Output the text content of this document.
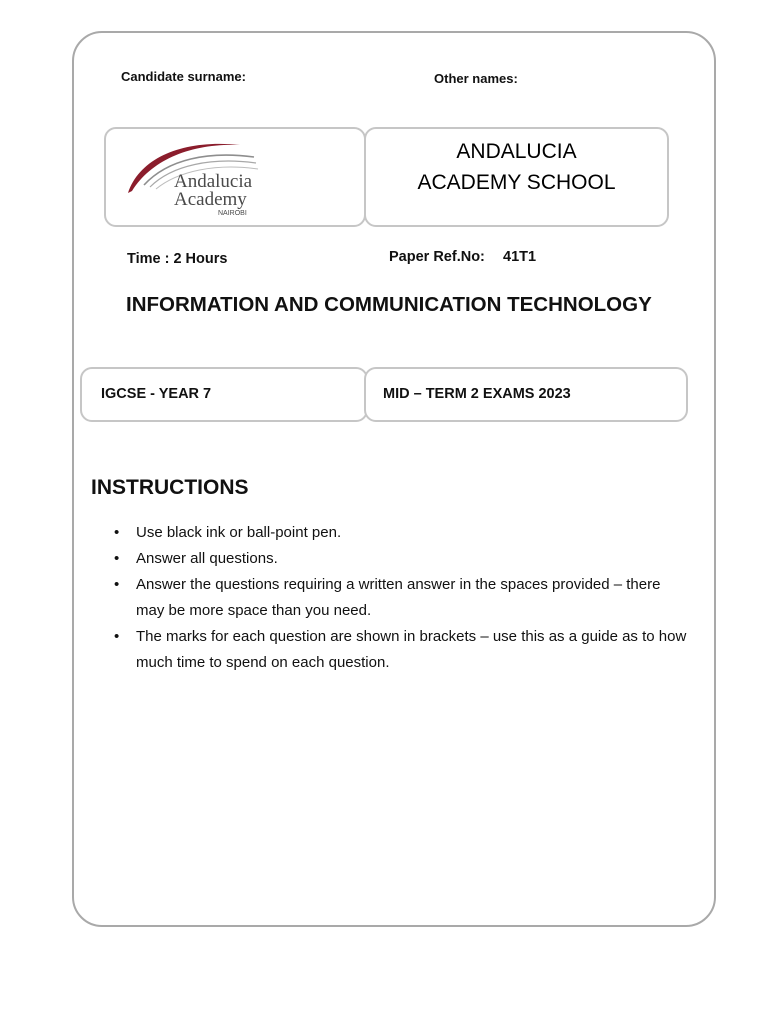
Candidate surname:	Other names:
Andalucia
Academy
NAIROBI
ANDALUCIA
ACADEMY SCHOOL
Time : 2 Hours	Paper Ref.No: 41T1
INFORMATION AND COMMUNICATION TECHNOLOGY
IGCSE - YEAR 7	MID – TERM 2 EXAMS 2023
INSTRUCTIONS
• Use black ink or ball-point pen.
• Answer all questions.
• Answer the questions requiring a written answer in the spaces provided – there may be more space than you need.
• The marks for each question are shown in brackets – use this as a guide as to how much time to spend on each question.
